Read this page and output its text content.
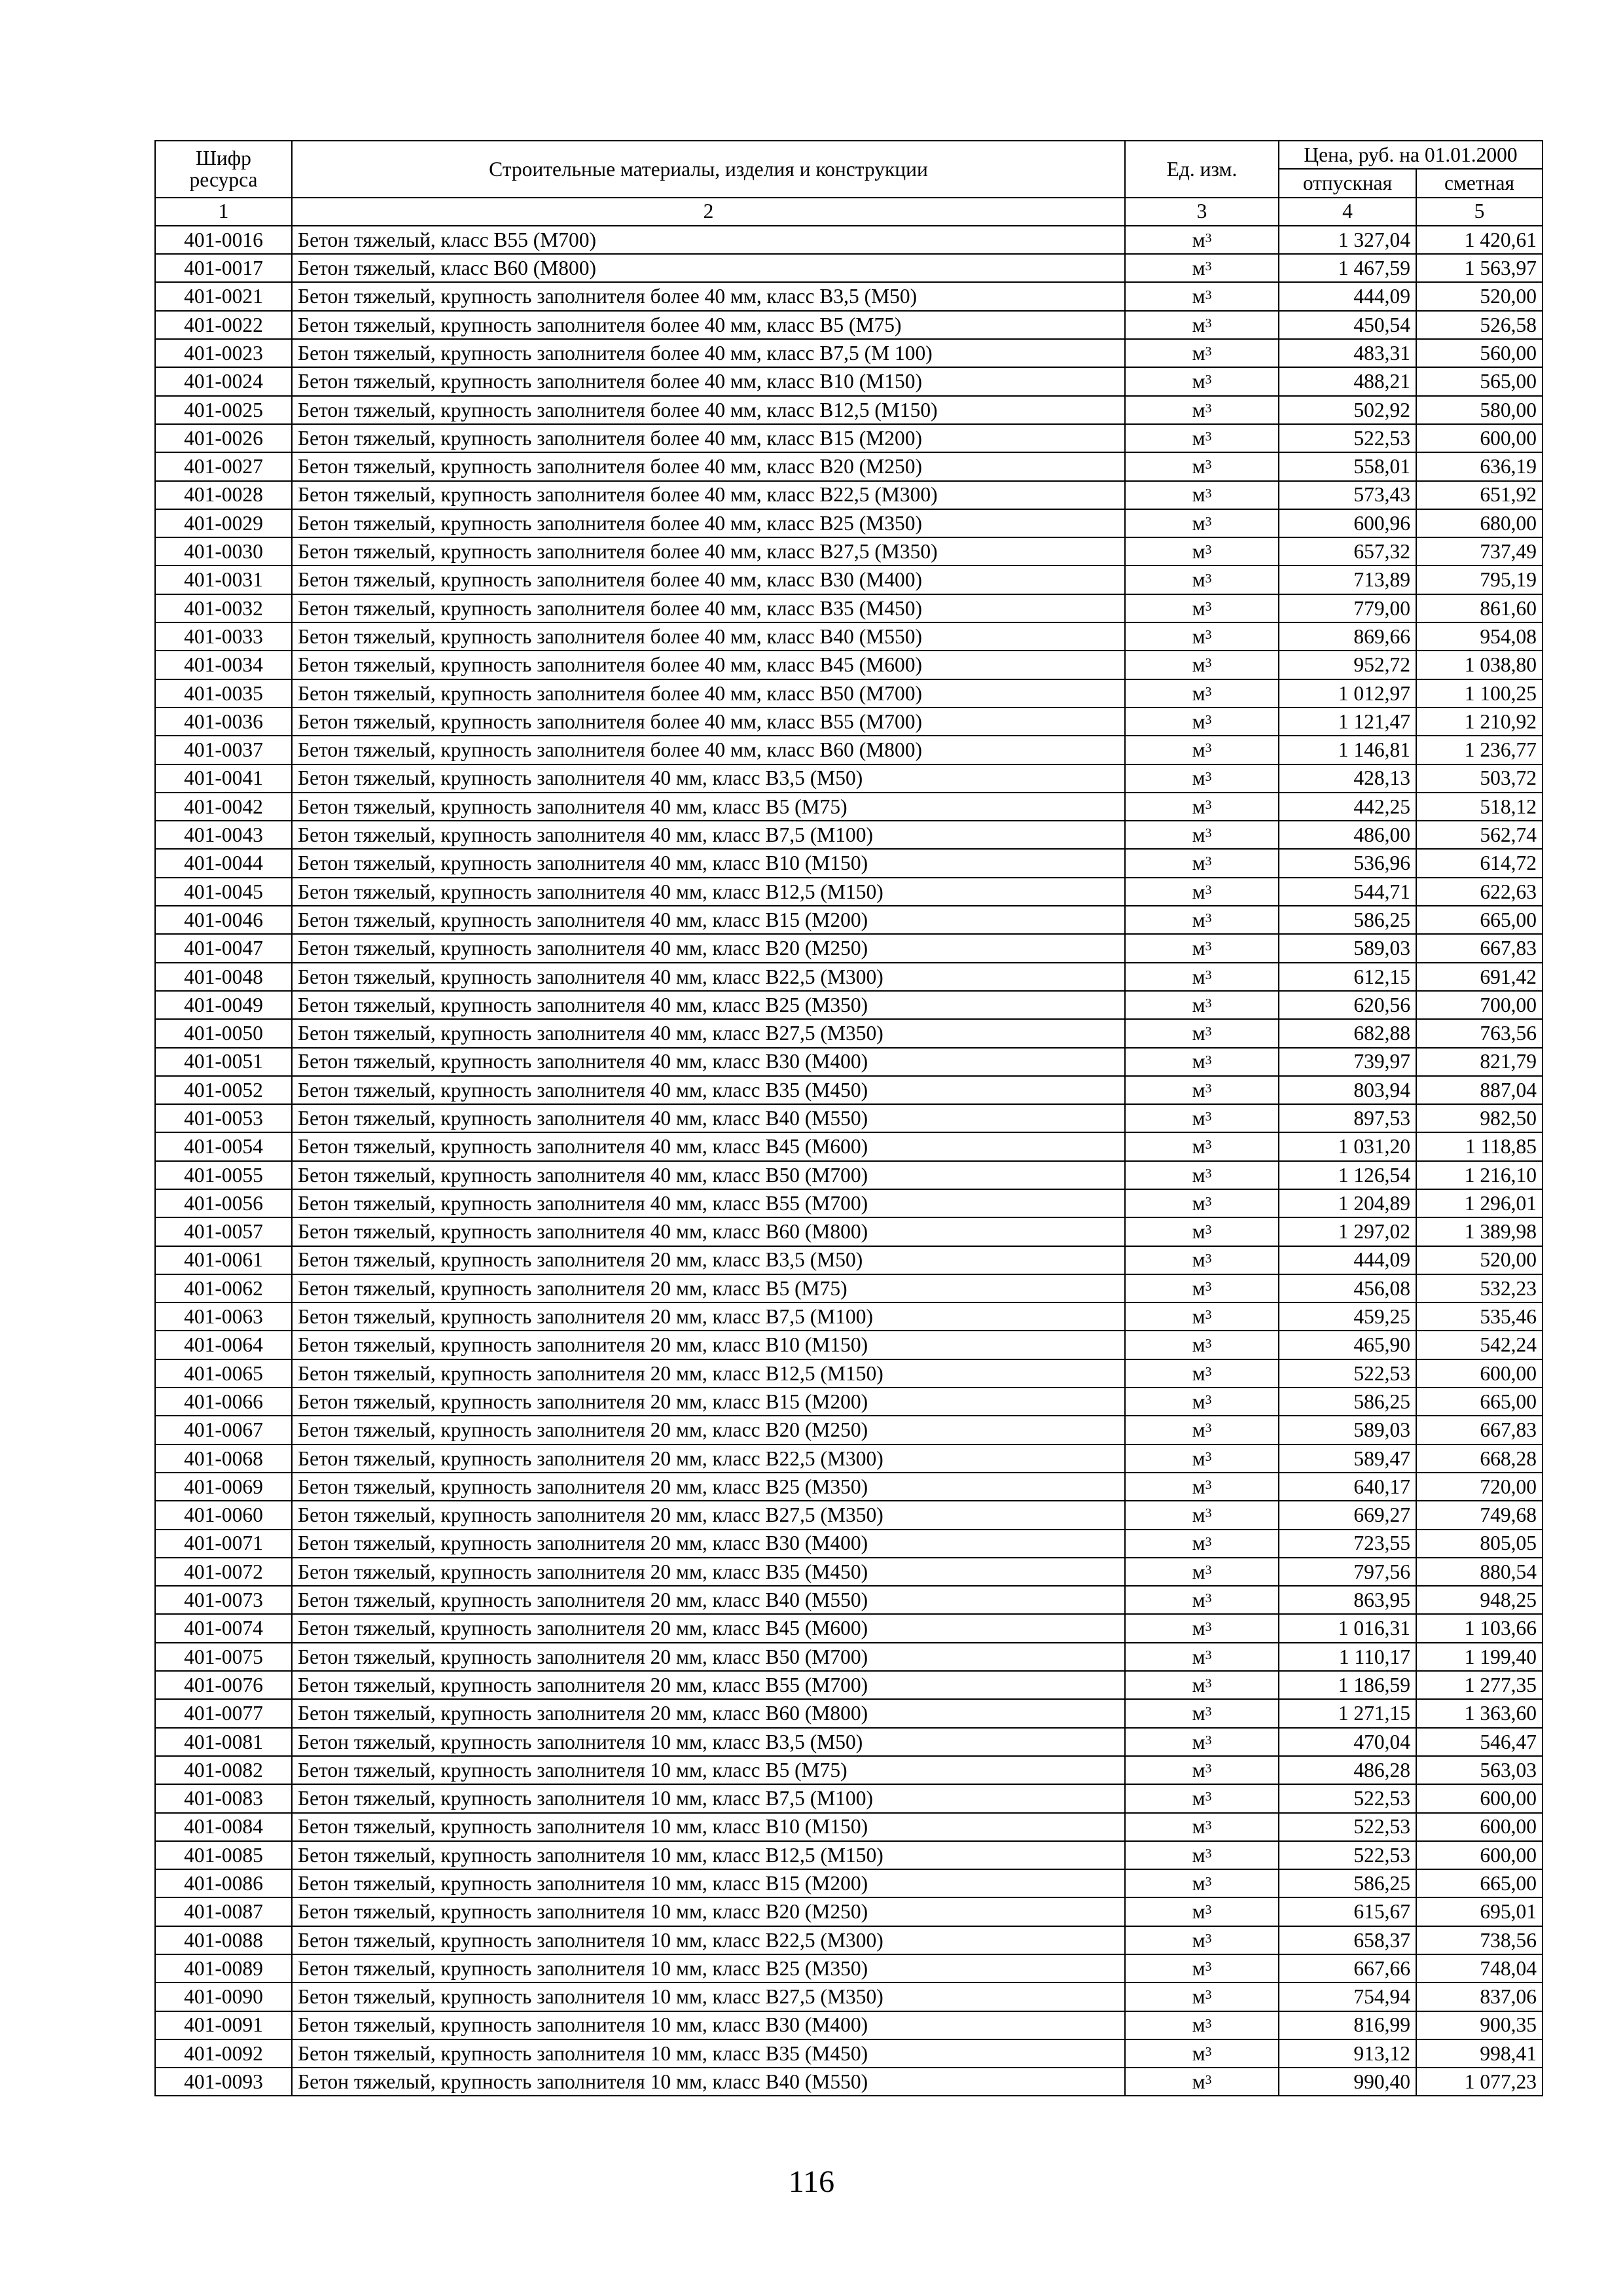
Шифр ресурса	Строительные материалы, изделия и конструкции	Ед. изм.	Цена, руб. на 01.01.2000	
			отпускная	сметная
1	2	3	4	5
401-0016	Бетон тяжелый, класс В55 (М700)	$м^3$	1 327,04	1 420,61
401-0017	Бетон тяжелый, класс В60 (М800)	$м^3$	1 467,59	1 563,97
401-0021	Бетон тяжелый, крупность заполнителя более 40 мм, класс В3,5 (М50)	$м^3$	444,09	520,00
401-0022	Бетон тяжелый, крупность заполнителя более 40 мм, класс В5 (М75)	$м^3$	450,54	526,58
401-0023	Бетон тяжелый, крупность заполнителя более 40 мм, класс В7,5 (М 100)	$м^3$	483,31	560,00
401-0024	Бетон тяжелый, крупность заполнителя более 40 мм, класс В10 (М150)	$м^3$	488,21	565,00
401-0025	Бетон тяжелый, крупность заполнителя более 40 мм, класс В12,5 (М150)	$м^3$	502,92	580,00
401-0026	Бетон тяжелый, крупность заполнителя более 40 мм, класс В15 (М200)	$м^3$	522,53	600,00
401-0027	Бетон тяжелый, крупность заполнителя более 40 мм, класс В20 (М250)	$м^3$	558,01	636,19
401-0028	Бетон тяжелый, крупность заполнителя более 40 мм, класс В22,5 (М300)	$м^3$	573,43	651,92
401-0029	Бетон тяжелый, крупность заполнителя более 40 мм, класс В25 (М350)	$м^3$	600,96	680,00
401-0030	Бетон тяжелый, крупность заполнителя более 40 мм, класс В27,5 (М350)	$м^3$	657,32	737,49
401-0031	Бетон тяжелый, крупность заполнителя более 40 мм, класс В30 (М400)	$м^3$	713,89	795,19
401-0032	Бетон тяжелый, крупность заполнителя более 40 мм, класс В35 (М450)	$м^3$	779,00	861,60
401-0033	Бетон тяжелый, крупность заполнителя более 40 мм, класс В40 (М550)	$м^3$	869,66	954,08
401-0034	Бетон тяжелый, крупность заполнителя более 40 мм, класс В45 (М600)	$м^3$	952,72	1 038,80
401-0035	Бетон тяжелый, крупность заполнителя более 40 мм, класс В50 (М700)	$м^3$	1 012,97	1 100,25
401-0036	Бетон тяжелый, крупность заполнителя более 40 мм, класс В55 (М700)	$м^3$	1 121,47	1 210,92
401-0037	Бетон тяжелый, крупность заполнителя более 40 мм, класс В60 (М800)	$м^3$	1 146,81	1 236,77
401-0041	Бетон тяжелый, крупность заполнителя 40 мм, класс В3,5 (М50)	$м^3$	428,13	503,72
401-0042	Бетон тяжелый, крупность заполнителя 40 мм, класс В5 (М75)	$м^3$	442,25	518,12
401-0043	Бетон тяжелый, крупность заполнителя 40 мм, класс В7,5 (М100)	$м^3$	486,00	562,74
401-0044	Бетон тяжелый, крупность заполнителя 40 мм, класс В10 (М150)	$м^3$	536,96	614,72
401-0045	Бетон тяжелый, крупность заполнителя 40 мм, класс В12,5 (М150)	$м^3$	544,71	622,63
401-0046	Бетон тяжелый, крупность заполнителя 40 мм, класс В15 (М200)	$м^3$	586,25	665,00
401-0047	Бетон тяжелый, крупность заполнителя 40 мм, класс В20 (М250)	$м^3$	589,03	667,83
401-0048	Бетон тяжелый, крупность заполнителя 40 мм, класс В22,5 (М300)	$м^3$	612,15	691,42
401-0049	Бетон тяжелый, крупность заполнителя 40 мм, класс В25 (М350)	$м^3$	620,56	700,00
401-0050	Бетон тяжелый, крупность заполнителя 40 мм, класс В27,5 (М350)	$м^3$	682,88	763,56
401-0051	Бетон тяжелый, крупность заполнителя 40 мм, класс В30 (М400)	$м^3$	739,97	821,79
401-0052	Бетон тяжелый, крупность заполнителя 40 мм, класс В35 (М450)	$м^3$	803,94	887,04
401-0053	Бетон тяжелый, крупность заполнителя 40 мм, класс В40 (М550)	$м^3$	897,53	982,50
401-0054	Бетон тяжелый, крупность заполнителя 40 мм, класс В45 (М600)	$м^3$	1 031,20	1 118,85
401-0055	Бетон тяжелый, крупность заполнителя 40 мм, класс В50 (М700)	$м^3$	1 126,54	1 216,10
401-0056	Бетон тяжелый, крупность заполнителя 40 мм, класс В55 (М700)	$м^3$	1 204,89	1 296,01
401-0057	Бетон тяжелый, крупность заполнителя 40 мм, класс В60 (М800)	$м^3$	1 297,02	1 389,98
401-0061	Бетон тяжелый, крупность заполнителя 20 мм, класс В3,5 (М50)	$м^3$	444,09	520,00
401-0062	Бетон тяжелый, крупность заполнителя 20 мм, класс В5 (М75)	$м^3$	456,08	532,23
401-0063	Бетон тяжелый, крупность заполнителя 20 мм, класс В7,5 (М100)	$м^3$	459,25	535,46
401-0064	Бетон тяжелый, крупность заполнителя 20 мм, класс В10 (М150)	$м^3$	465,90	542,24
401-0065	Бетон тяжелый, крупность заполнителя 20 мм, класс В12,5 (М150)	$м^3$	522,53	600,00
401-0066	Бетон тяжелый, крупность заполнителя 20 мм, класс В15 (М200)	$м^3$	586,25	665,00
401-0067	Бетон тяжелый, крупность заполнителя 20 мм, класс В20 (М250)	$м^3$	589,03	667,83
401-0068	Бетон тяжелый, крупность заполнителя 20 мм, класс В22,5 (М300)	$м^3$	589,47	668,28
401-0069	Бетон тяжелый, крупность заполнителя 20 мм, класс В25 (М350)	$м^3$	640,17	720,00
401-0060	Бетон тяжелый, крупность заполнителя 20 мм, класс В27,5 (М350)	$м^3$	669,27	749,68
401-0071	Бетон тяжелый, крупность заполнителя 20 мм, класс В30 (М400)	$м^3$	723,55	805,05
401-0072	Бетон тяжелый, крупность заполнителя 20 мм, класс В35 (М450)	$м^3$	797,56	880,54
401-0073	Бетон тяжелый, крупность заполнителя 20 мм, класс В40 (М550)	$м^3$	863,95	948,25
401-0074	Бетон тяжелый, крупность заполнителя 20 мм, класс В45 (М600)	$м^3$	1 016,31	1 103,66
401-0075	Бетон тяжелый, крупность заполнителя 20 мм, класс В50 (М700)	$м^3$	1 110,17	1 199,40
401-0076	Бетон тяжелый, крупность заполнителя 20 мм, класс В55 (М700)	$м^3$	1 186,59	1 277,35
401-0077	Бетон тяжелый, крупность заполнителя 20 мм, класс В60 (М800)	$м^3$	1 271,15	1 363,60
401-0081	Бетон тяжелый, крупность заполнителя 10 мм, класс В3,5 (М50)	$м^3$	470,04	546,47
401-0082	Бетон тяжелый, крупность заполнителя 10 мм, класс В5 (М75)	$м^3$	486,28	563,03
401-0083	Бетон тяжелый, крупность заполнителя 10 мм, класс В7,5 (М100)	$м^3$	522,53	600,00
401-0084	Бетон тяжелый, крупность заполнителя 10 мм, класс В10 (М150)	$м^3$	522,53	600,00
401-0085	Бетон тяжелый, крупность заполнителя 10 мм, класс В12,5 (М150)	$м^3$	522,53	600,00
401-0086	Бетон тяжелый, крупность заполнителя 10 мм, класс В15 (М200)	$м^3$	586,25	665,00
401-0087	Бетон тяжелый, крупность заполнителя 10 мм, класс В20 (М250)	$м^3$	615,67	695,01
401-0088	Бетон тяжелый, крупность заполнителя 10 мм, класс В22,5 (М300)	$м^3$	658,37	738,56
401-0089	Бетон тяжелый, крупность заполнителя 10 мм, класс В25 (М350)	$м^3$	667,66	748,04
401-0090	Бетон тяжелый, крупность заполнителя 10 мм, класс В27,5 (М350)	$м^3$	754,94	837,06
401-0091	Бетон тяжелый, крупность заполнителя 10 мм, класс В30 (М400)	$м^3$	816,99	900,35
401-0092	Бетон тяжелый, крупность заполнителя 10 мм, класс В35 (М450)	$м^3$	913,12	998,41
401-0093	Бетон тяжелый, крупность заполнителя 10 мм, класс В40 (М550)	$м^3$	990,40	1 077,23
116
